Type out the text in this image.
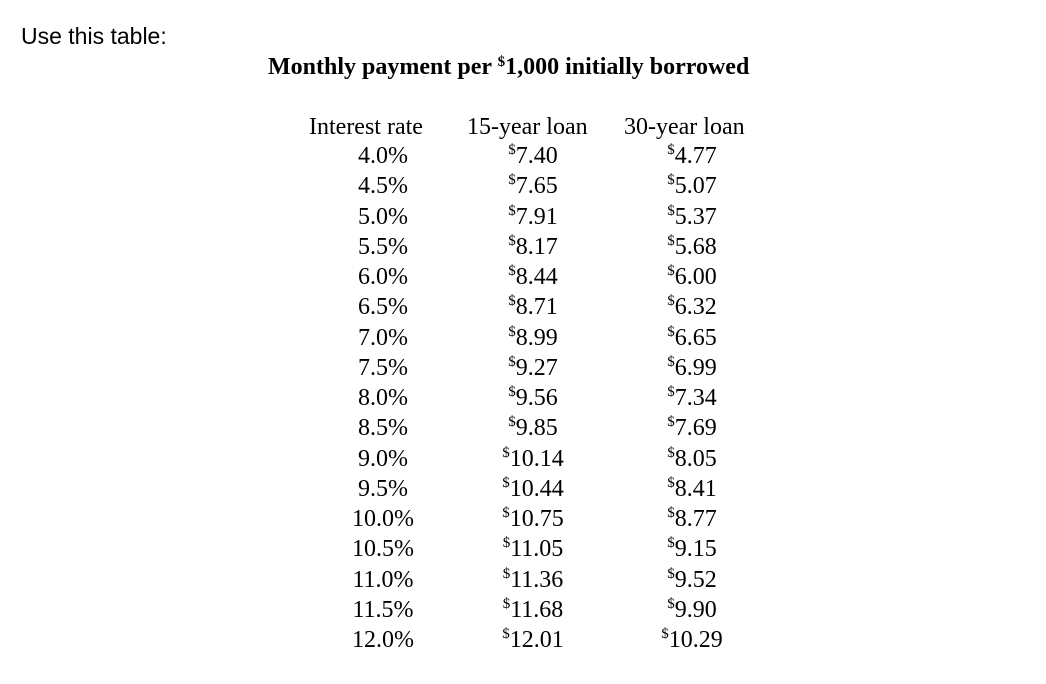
Use this table:
Monthly payment per $1,000 initially borrowed
Interest rate 15-year loan 30-year loan
4.0%	$7.40	$4.77
4.5%	$7.65	$5.07
5.0%	$7.91	$5.37
5.5%	$8.17	$5.68
6.0%	$8.44	$6.00
6.5%	$8.71	$6.32
7.0%	$8.99	$6.65
7.5%	$9.27	$6.99
8.0%	$9.56	$7.34
8.5%	$9.85	$7.69
9.0%	$10.14	$8.05
9.5%	$10.44	$8.41
10.0%	$10.75	$8.77
10.5%	$11.05	$9.15
11.0%	$11.36	$9.52
11.5%	$11.68	$9.90
12.0%	$12.01	$10.29
